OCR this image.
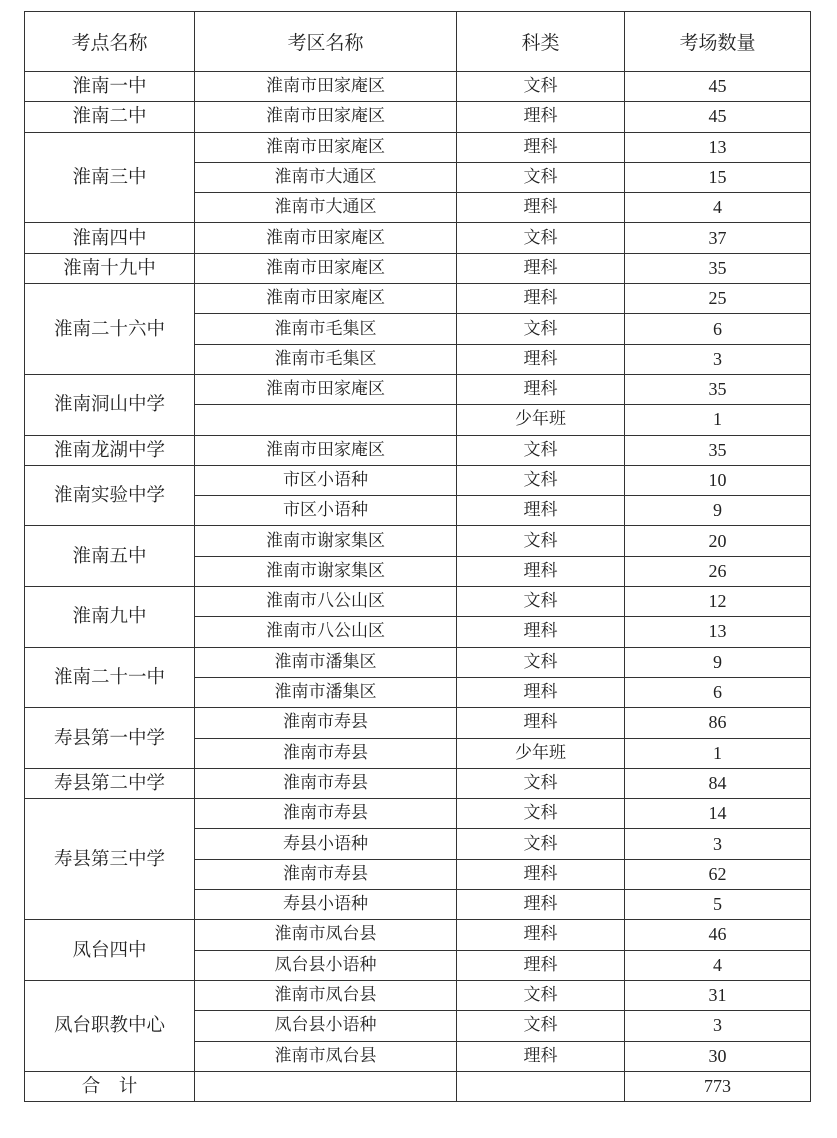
考点名称	考区名称	科类	考场数量
淮南一中	淮南市田家庵区	文科	45
淮南二中	淮南市田家庵区	理科	45
淮南三中	淮南市田家庵区	理科	13
	淮南市大通区	文科	15
	淮南市大通区	理科	4
淮南四中	淮南市田家庵区	文科	37
淮南十九中	淮南市田家庵区	理科	35
淮南二十六中	淮南市田家庵区	理科	25
	淮南市毛集区	文科	6
	淮南市毛集区	理科	3
淮南洞山中学	淮南市田家庵区	理科	35
		少年班	1
淮南龙湖中学	淮南市田家庵区	文科	35
淮南实验中学	市区小语种	文科	10
	市区小语种	理科	9
淮南五中	淮南市谢家集区	文科	20
	淮南市谢家集区	理科	26
淮南九中	淮南市八公山区	文科	12
	淮南市八公山区	理科	13
淮南二十一中	淮南市潘集区	文科	9
	淮南市潘集区	理科	6
寿县第一中学	淮南市寿县	理科	86
	淮南市寿县	少年班	1
寿县第二中学	淮南市寿县	文科	84
寿县第三中学	淮南市寿县	文科	14
	寿县小语种	文科	3
	淮南市寿县	理科	62
	寿县小语种	理科	5
凤台四中	淮南市凤台县	理科	46
	凤台县小语种	理科	4
凤台职教中心	淮南市凤台县	文科	31
	凤台县小语种	文科	3
	淮南市凤台县	理科	30
合　计			773
